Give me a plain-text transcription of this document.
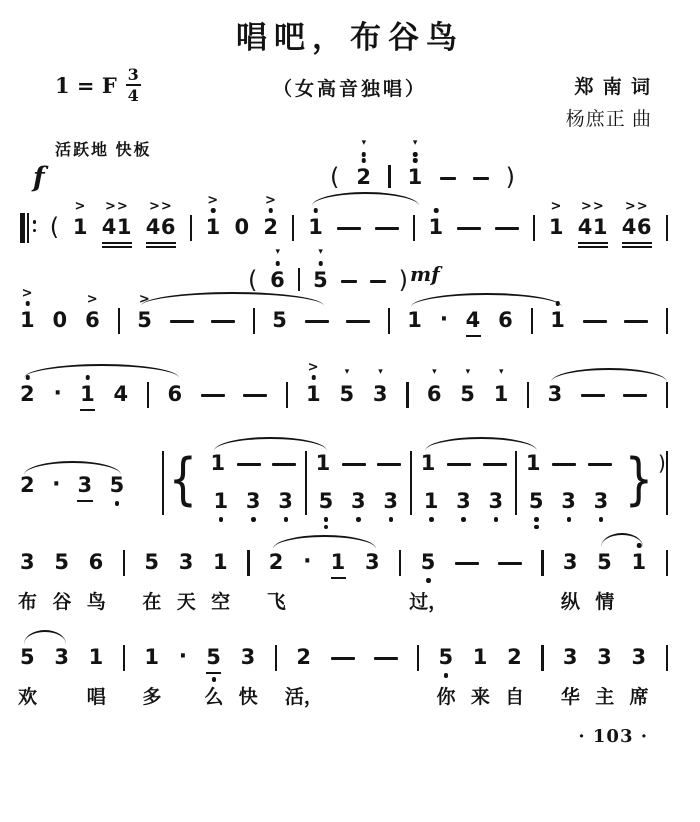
唱吧，布谷鸟
1 = F $\frac{3}{4}$	（女高音独唱）	郑 南 词
杨庶正 曲
活跃地 快板
f
(
>
1
>>
41
>>
46
>
1 0
>
2 1	1
>
1
>>
41
>>
46
(
▾
2
▾
1	)
>
1 0
>
6
>
5	5	1 · 4 6 1
(
▾
6
▾
5	) mf
2 · 1 4 6
>
1
▾
5
▾
3
▾
6
▾
5
▾
1 3
2 · 3 5 { 1
1 3 3
1
5 3 3
1
1 3 3
1
5 3 3 } )
3
布
5
谷
6
鸟
5
在
3
天
1
空
2
飞
· 1 3 5
过，
3
纵
5
情
1
5
欢
3 1
唱
1
多
· 5
么
3
快
2
活，
5
你
1
来
2
自
3
华
3
主
3
席
· 103 ·
